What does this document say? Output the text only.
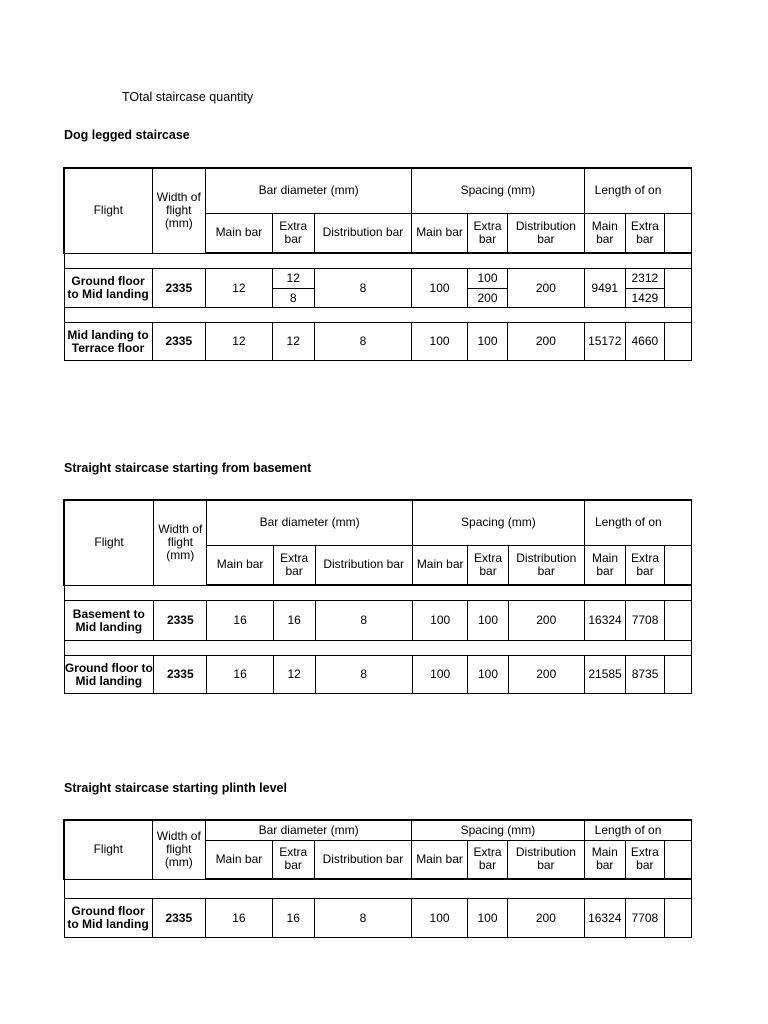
TOtal staircase quantity
Dog legged staircase
Flight	Width of flight (mm)	Bar diameter (mm)			Spacing (mm)			Length of on		
		Main bar	Extra bar	Distribution bar	Main bar	Extra bar	Distribution bar	Main bar	Extra bar	

Ground floor to Mid landing	2335	12	12	8	100	100	200	9491	2312	
			8			200			1429	

Mid landing to Terrace floor	2335	12	12	8	100	100	200	15172	4660	
Straight staircase starting from basement
Flight	Width of flight (mm)	Bar diameter (mm)			Spacing (mm)			Length of on		
		Main bar	Extra bar	Distribution bar	Main bar	Extra bar	Distribution bar	Main bar	Extra bar	

Basement to Mid landing	2335	16	16	8	100	100	200	16324	7708	

Ground floor to Mid landing	2335	16	12	8	100	100	200	21585	8735	
Straight staircase starting plinth level
Flight	Width of flight (mm)	Bar diameter (mm)			Spacing (mm)			Length of on		
		Main bar	Extra bar	Distribution bar	Main bar	Extra bar	Distribution bar	Main bar	Extra bar	

Ground floor to Mid landing	2335	16	16	8	100	100	200	16324	7708	
